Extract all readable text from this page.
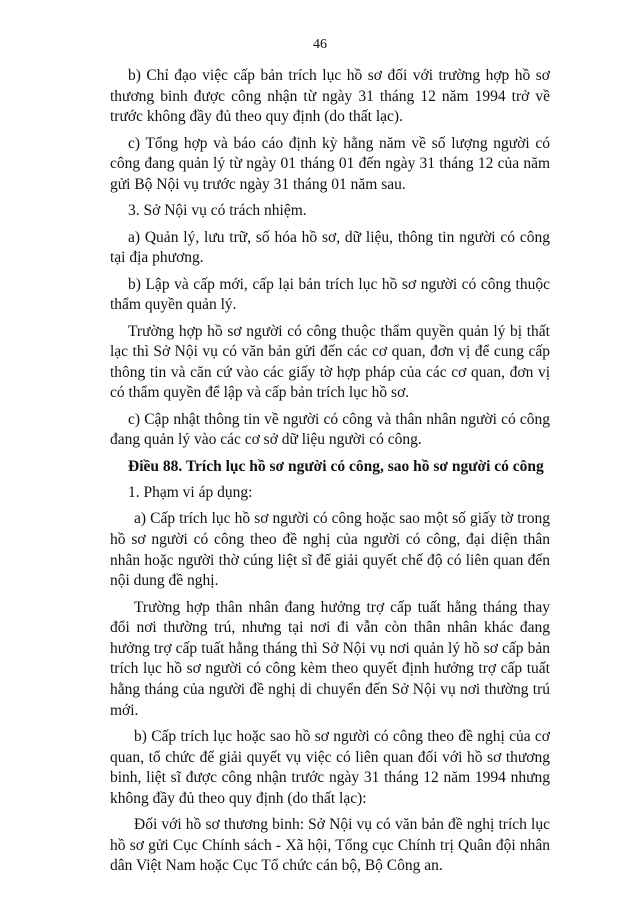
46

b) Chỉ đạo việc cấp bản trích lục hồ sơ đối với trường hợp hồ sơ thương binh được công nhận từ ngày 31 tháng 12 năm 1994 trở về trước không đầy đủ theo quy định (do thất lạc).

c) Tổng hợp và báo cáo định kỳ hằng năm về số lượng người có công đang quản lý từ ngày 01 tháng 01 đến ngày 31 tháng 12 của năm gửi Bộ Nội vụ trước ngày 31 tháng 01 năm sau.

3. Sở Nội vụ có trách nhiệm.

a) Quản lý, lưu trữ, số hóa hồ sơ, dữ liệu, thông tin người có công tại địa phương.

b) Lập và cấp mới, cấp lại bản trích lục hồ sơ người có công thuộc thẩm quyền quản lý.

Trường hợp hồ sơ người có công thuộc thẩm quyền quản lý bị thất lạc thì Sở Nội vụ có văn bản gửi đến các cơ quan, đơn vị để cung cấp thông tin và căn cứ vào các giấy tờ hợp pháp của các cơ quan, đơn vị có thẩm quyền để lập và cấp bản trích lục hồ sơ.

c) Cập nhật thông tin về người có công và thân nhân người có công đang quản lý vào các cơ sở dữ liệu người có công.

Điều 88. Trích lục hồ sơ người có công, sao hồ sơ người có công

1. Phạm vi áp dụng:

a) Cấp trích lục hồ sơ người có công hoặc sao một số giấy tờ trong hồ sơ người có công theo đề nghị của người có công, đại diện thân nhân hoặc người thờ cúng liệt sĩ để giải quyết chế độ có liên quan đến nội dung đề nghị.

Trường hợp thân nhân đang hưởng trợ cấp tuất hằng tháng thay đổi nơi thường trú, nhưng tại nơi đi vẫn còn thân nhân khác đang hưởng trợ cấp tuất hằng tháng thì Sở Nội vụ nơi quản lý hồ sơ cấp bản trích lục hồ sơ người có công kèm theo quyết định hưởng trợ cấp tuất hằng tháng của người đề nghị di chuyển đến Sở Nội vụ nơi thường trú mới.

b) Cấp trích lục hoặc sao hồ sơ người có công theo đề nghị của cơ quan, tổ chức để giải quyết vụ việc có liên quan đối với hồ sơ thương binh, liệt sĩ được công nhận trước ngày 31 tháng 12 năm 1994 nhưng không đầy đủ theo quy định (do thất lạc):

Đối với hồ sơ thương binh: Sở Nội vụ có văn bản đề nghị trích lục hồ sơ gửi Cục Chính sách - Xã hội, Tổng cục Chính trị Quân đội nhân dân Việt Nam hoặc Cục Tổ chức cán bộ, Bộ Công an.
